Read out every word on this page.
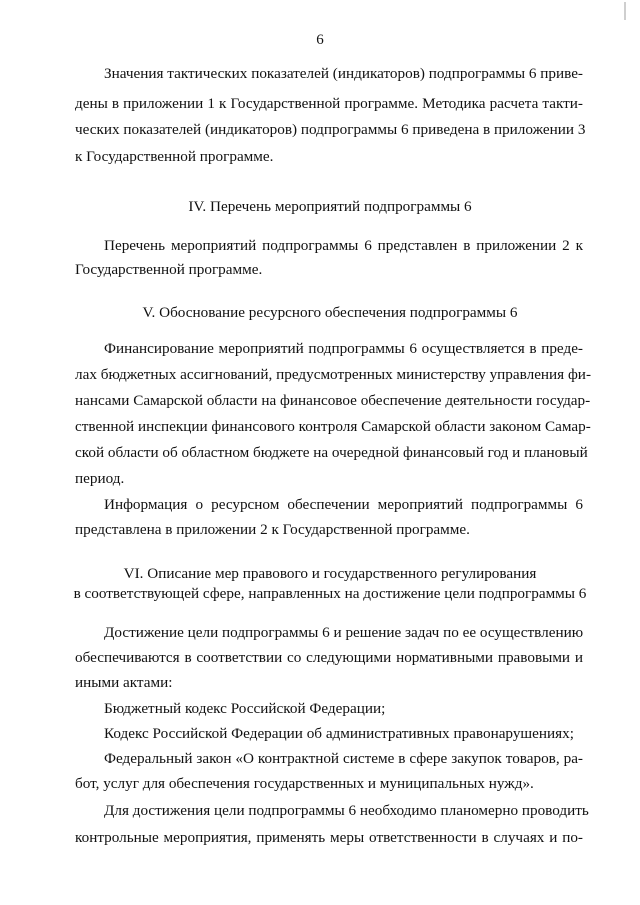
6
Значения тактических показателей (индикаторов) подпрограммы 6 приве-
дены в приложении 1 к Государственной программе. Методика расчета такти-
ческих показателей (индикаторов) подпрограммы 6 приведена в приложении 3
к Государственной программе.
IV. Перечень мероприятий подпрограммы 6
Перечень мероприятий подпрограммы 6 представлен в приложении 2 к
Государственной программе.
V. Обоснование ресурсного обеспечения подпрограммы 6
Финансирование мероприятий подпрограммы 6 осуществляется в преде-
лах бюджетных ассигнований, предусмотренных министерству управления фи-
нансами Самарской области на финансовое обеспечение деятельности государ-
ственной инспекции финансового контроля Самарской области законом Самар-
ской области об областном бюджете на очередной финансовый год и плановый
период.
Информация о ресурсном обеспечении мероприятий подпрограммы 6
представлена в приложении 2 к Государственной программе.
VI. Описание мер правового и государственного регулирования
в соответствующей сфере, направленных на достижение цели подпрограммы 6
Достижение цели подпрограммы 6 и решение задач по ее осуществлению
обеспечиваются в соответствии со следующими нормативными правовыми и
иными актами:
Бюджетный кодекс Российской Федерации;
Кодекс Российской Федерации об административных правонарушениях;
Федеральный закон «О контрактной системе в сфере закупок товаров, ра-
бот, услуг для обеспечения государственных и муниципальных нужд».
Для достижения цели подпрограммы 6 необходимо планомерно проводить
контрольные мероприятия, применять меры ответственности в случаях и по-
